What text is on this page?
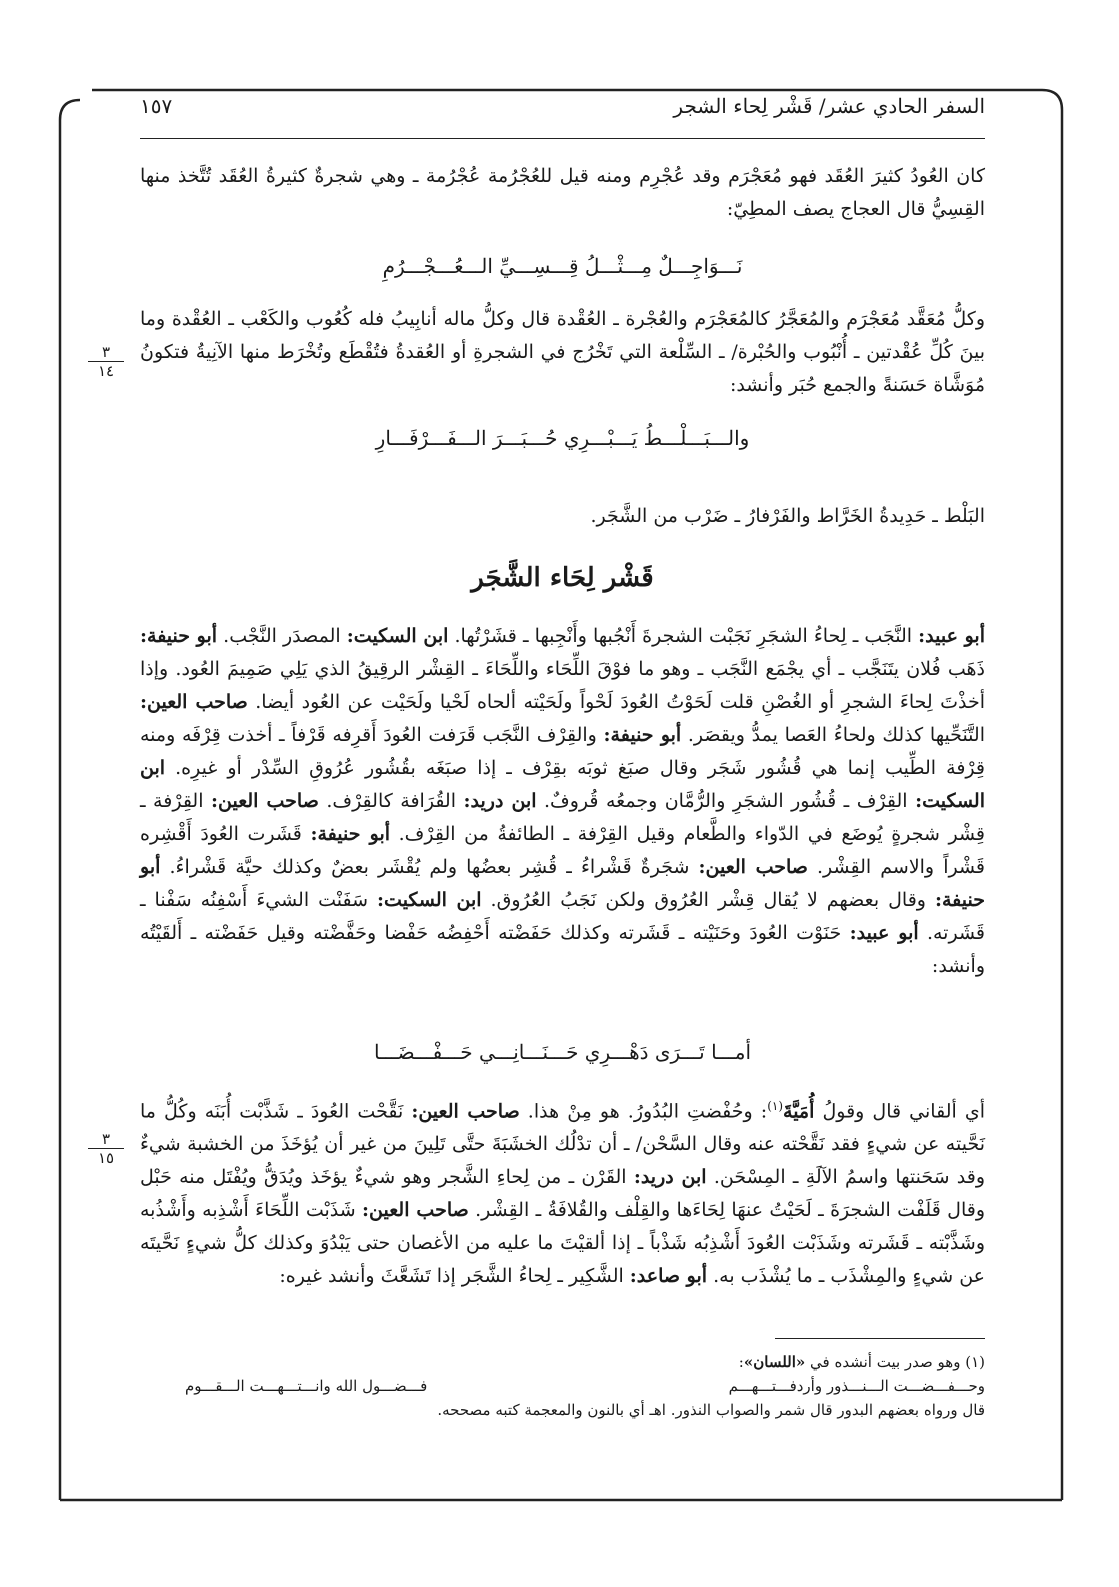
السفر الحادي عشر/ قَشْر لِحاء الشجر
١٥٧

كان العُودُ كثيرَ العُقَد فهو مُعَجْرَم وقد عُجْرِم ومنه قيل للعُجْرُمة عُجْرُمة ـ وهي شجرةٌ كثيرةُ العُقَد تُتَّخذ منها القِسِيُّ قال العجاج يصف المطِيّ:

نَـــوَاجِـــلٌ مِـــثْـــلُ قِـــسِـــيِّ الـــعُـــجْـــرُمِ

وكلُّ مُعَقَّد مُعَجْرَم والمُعَجَّرُ كالمُعَجْرَم والعُجْرة ـ العُقْدة قال وكلُّ ماله أنابِيبُ فله كُعُوب والكَعْب ـ العُقْدة وما بينَ كُلِّ عُقْدتين ـ أُنْبُوب والحُبْرة/ ـ السِّلْعة التي تَخْرُج في الشجرةِ أو العُقدةُ فتُقْطَع وتُخْرَط منها الآنِيةُ فتكونُ مُوَشَّاة حَسَنةً والجمع حُبَر وأنشد:

٣
١٤
والـــبَـــلْـــطُ يَـــبْـــرِي حُـــبَـــرَ الـــفَـــرْفَـــارِ

البَلْط ـ حَدِيدةُ الخَرَّاط والفَرْفارُ ـ ضَرْب من الشَّجَر.

قَشْر لِحَاء الشَّجَر

أبو عبيد: النَّجَب ـ لِحاءُ الشجَرِ نَجَبْت الشجرةَ أَنْجُبها وأَنْجِبها ـ قشَرْتُها. ابن السكيت: المصدَر النَّجْب. أبو حنيفة: ذَهَب فُلان يتَنَجَّب ـ أي يجْمَع النَّجَب ـ وهو ما فوْقَ اللِّحَاء واللِّحَاءَ ـ القِشْر الرقِيقُ الذي يَلِي صَمِيمَ العُود. وإذا أخذْتَ لِحاءَ الشجرِ أو الغُصْنِ قلت لَحَوْتُ العُودَ لَحْواً ولَحَيْته ألحاه لَحْيا ولَحَيْت عن العُود أيضا. صاحب العين: التَّنَحِّيها كذلك ولحاءُ العَصا يمدُّ ويقصَر. أبو حنيفة: والقِرْف النَّجَب قَرَفت العُودَ أَقرِفه قَرْفاً ـ أخذت قِرْفَه ومنه قِرْفة الطِّيب إنما هي قُشُور شَجَر وقال صبَغ ثوبَه بقِرْف ـ إذا صبَغَه بقُشُور عُرُوقِ السِّدْر أو غيرِه. ابن السكيت: القِرْف ـ قُشُور الشجَرِ والرُّمَّان وجمعُه قُروفٌ. ابن دريد: القُرَافة كالقِرْف. صاحب العين: القِرْفة ـ قِشْر شجرةٍ يُوضَع في الدّواء والطَّعام وقيل القِرْفة ـ الطائفةُ من القِرْف. أبو حنيفة: قَشَرت العُودَ أَقْشِره قَشْراً والاسم القِشْر. صاحب العين: شجَرةٌ قَشْراءُ ـ قُشِر بعضُها ولم يُقْشَر بعضٌ وكذلك حيَّة قَشْراءُ. أبو حنيفة: وقال بعضهم لا يُقال قِشْر العُرُوق ولكن نَجَبُ العُرُوق. ابن السكيت: سَفَنْت الشيءَ أَسْفِنُه سَفْنا ـ قَشَرته. أبو عبيد: حَنَوْت العُودَ وحَنَيْته ـ قَشَرته وكذلك حَفَضْته أَحْفِضُه حَفْضا وحَفَّضْته وقيل حَفَضْته ـ أَلقَيْتُه وأنشد:

أمـــا تَـــرَى دَهْـــرِي حَـــنَـــانِـــي حَـــفْـــضَـــا

أي ألقاني قال وقولُ أُمَيَّةَ$^{(١)}$: وحُفْضتِ البُدُورُ. هو مِنْ هذا. صاحب العين: نَقَّحْت العُودَ ـ شَذَّبْت أُبَنَه وكُلُّ ما نَحَّيته عن شيءٍ فقد نَقَّحْته عنه وقال السَّحْن/ ـ أن تدْلُك الخشَبَةَ حتَّى تَلِينَ من غير أن يُؤخَذَ من الخشبة شيءٌ وقد سَحَنتها واسمُ الآلَةِ ـ المِسْحَن. ابن دريد: القَرْن ـ من لِحاءِ الشَّجر وهو شيءٌ يؤخَذ ويُدَقُّ ويُفْتَل منه حَبْل وقال قَلَفْت الشجرَةَ ـ لَحَيْتُ عنهَا لِحَاءَها والقِلْف والقُلافَةُ ـ القِشْر. صاحب العين: شَذَبْت اللِّحَاءَ أَشْذِبه وأَشْذُبه وشَذَّبْته ـ قَشَرته وشَذَبْت العُودَ أَشْذِبُه شَذْباً ـ إذا ألقيْتَ ما عليه من الأغصان حتى يَبْدُوَ وكذلك كلُّ شيءٍ نَحَّيتَه عن شيءٍ والمِشْذَب ـ ما يُشْذَب به. أبو صاعد: الشَّكِير ـ لِحاءُ الشَّجَر إذا تَشَعَّثَ وأنشد غيره:

٣
١٥
(١) وهو صدر بيت أنشده في «اللسان»:
وحـــفـــضـــت الـــنـــذور وأردفـــتـــهـــم
فـــضـــول الله وانـــتـــهـــت الـــقـــوم
قال ورواه بعضهم البدور قال شمر والصواب النذور. اهـ أي بالنون والمعجمة كتبه مصححه.
